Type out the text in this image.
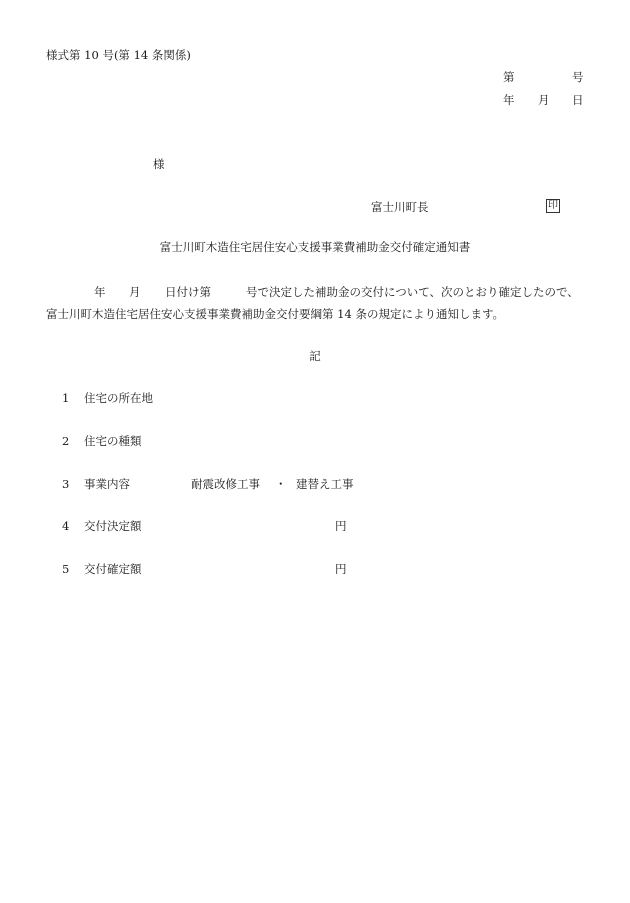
様式第 10 号(第 14 条関係)
第	号
年 月 日
様
富士川町長	印
富士川町木造住宅居住安心支援事業費補助金交付確定通知書
年 月 日付け第	号で決定した補助金の交付について、次のとおり確定したので、
富士川町木造住宅居住安心支援事業費補助金交付要綱第 14 条の規定により通知します。
記
1 住宅の所在地
2 住宅の種類
3 事業内容	耐震改修工事 ・ 建替え工事
4 交付決定額	円
5 交付確定額	円
